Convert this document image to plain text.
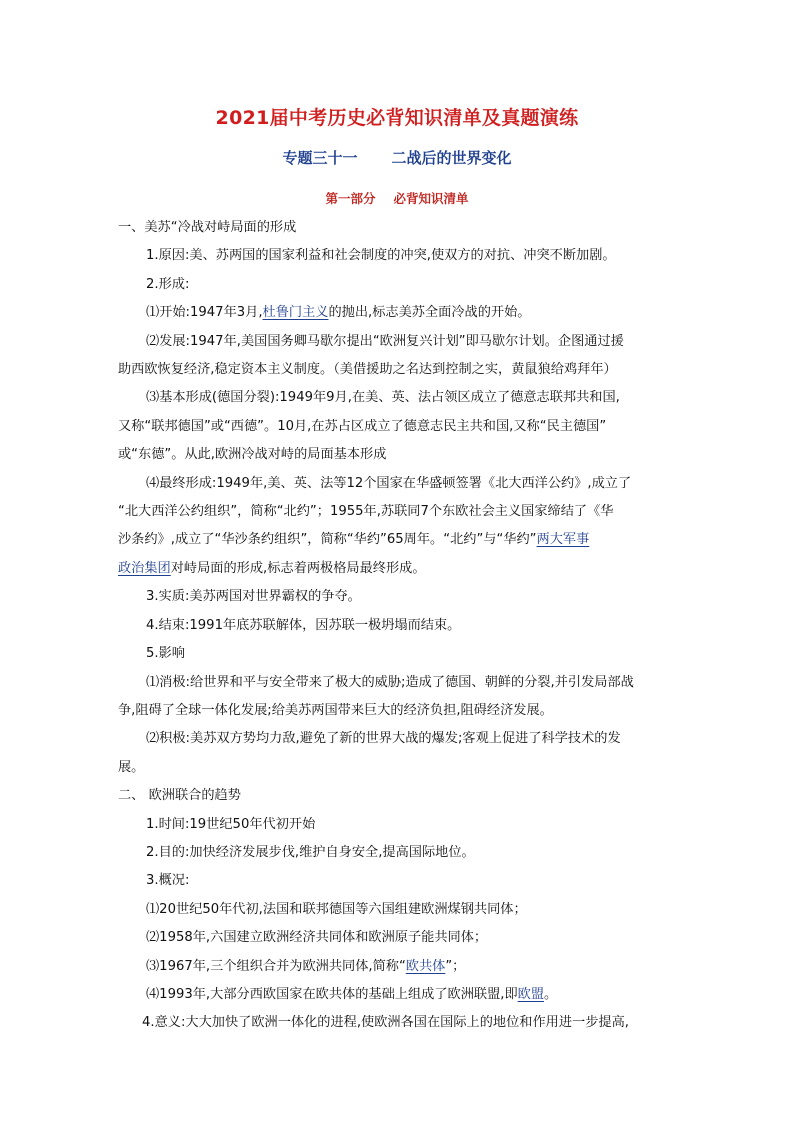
2021届中考历史必背知识清单及真题演练
专题三十一 二战后的世界变化
第一部分 必背知识清单

一、美苏“冷战对峙局面的形成

1.原因:美、苏两国的国家利益和社会制度的冲突,使双方的对抗、冲突不断加剧。

2.形成:

⑴开始:1947年3月,杜鲁门主义的抛出,标志美苏全面冷战的开始。

⑵发展:1947年,美国国务卿马歇尔提出“欧洲复兴计划”即马歇尔计划。企图通过援

助西欧恢复经济,稳定资本主义制度。（美借援助之名达到控制之实，黄鼠狼给鸡拜年）

⑶基本形成(德国分裂):1949年9月,在美、英、法占领区成立了德意志联邦共和国,

又称“联邦德国”或“西德”。10月,在苏占区成立了德意志民主共和国,又称“民主德国”

或“东德”。从此,欧洲冷战对峙的局面基本形成

⑷最终形成:1949年,美、英、法等12个国家在华盛顿签署《北大西洋公约》,成立了

“北大西洋公约组织”，简称“北约”；1955年,苏联同7个东欧社会主义国家缔结了《华

沙条约》,成立了“华沙条约组织”，简称“华约”65周年。“北约”与“华约”两大军事

政治集团对峙局面的形成,标志着两极格局最终形成。

3.实质:美苏两国对世界霸权的争夺。

4.结束:1991年底苏联解体，因苏联一极坍塌而结束。

5.影响

⑴消极:给世界和平与安全带来了极大的威胁;造成了德国、朝鲜的分裂,并引发局部战

争,阻碍了全球一体化发展;给美苏两国带来巨大的经济负担,阻碍经济发展。

⑵积极:美苏双方势均力敌,避免了新的世界大战的爆发;客观上促进了科学技术的发

展。

二、 欧洲联合的趋势

1.时间:19世纪50年代初开始

2.目的:加快经济发展步伐,维护自身安全,提高国际地位。

3.概况:

⑴20世纪50年代初,法国和联邦德国等六国组建欧洲煤钢共同体；

⑵1958年,六国建立欧洲经济共同体和欧洲原子能共同体；

⑶1967年,三个组织合并为欧洲共同体,简称“欧共体”；

⑷1993年,大部分西欧国家在欧共体的基础上组成了欧洲联盟,即欧盟。

4.意义:大大加快了欧洲一体化的进程,使欧洲各国在国际上的地位和作用进一步提高,
